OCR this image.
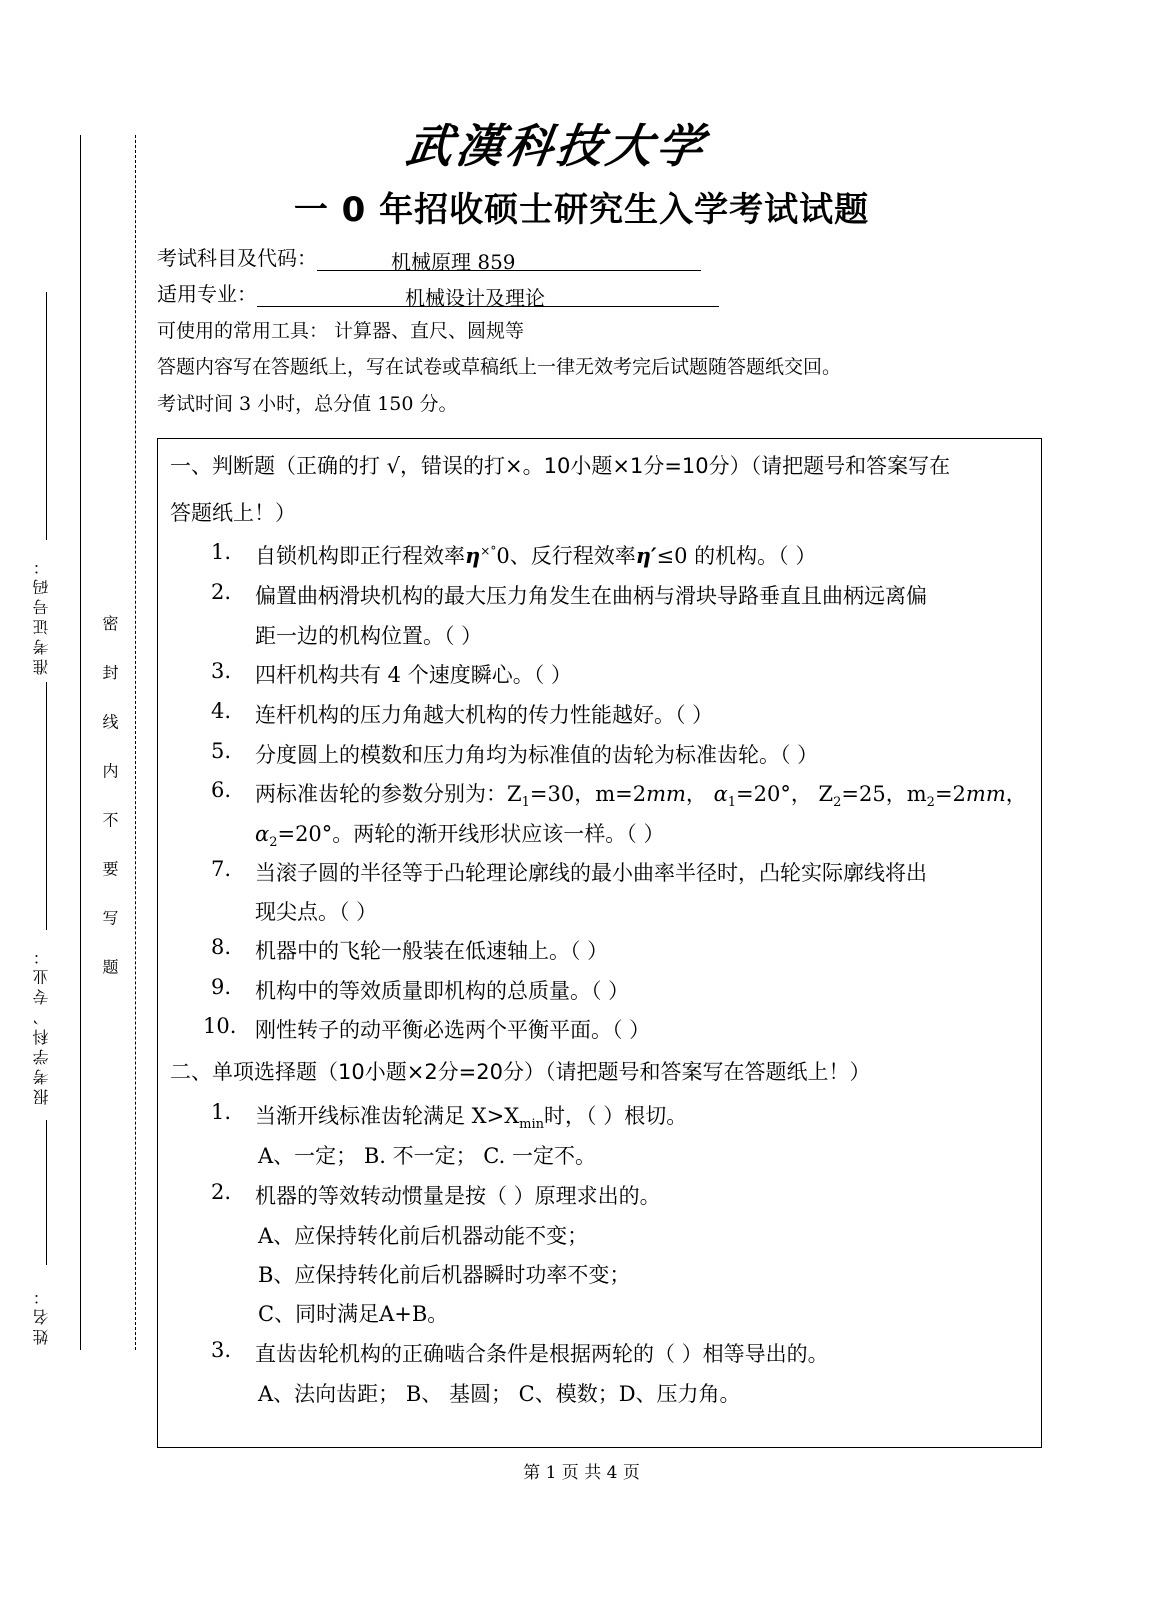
准考证号码：
报考学科、专业：
姓名：
密 封 线 内 不 要 写 题
武漢科技大学
一 0 年招收硕士研究生入学考试试题
考试科目及代码：	机械原理 859
适用专业：	机械设计及理论
可使用的常用工具： 计算器、直尺、圆规等
答题内容写在答题纸上，写在试卷或草稿纸上一律无效考完后试题随答题纸交回。
考试时间 3 小时，总分值 150 分。
一、判断题（正确的打 √，错误的打×。10小题×1分=10分）（请把题号和答案写在
答题纸上！）
1. 自锁机构即正行程效率η×°0、反行程效率η′≤0 的机构。（ ）
2. 偏置曲柄滑块机构的最大压力角发生在曲柄与滑块导路垂直且曲柄远离偏
距一边的机构位置。（ ）
3. 四杆机构共有 4 个速度瞬心。（ ）
4. 连杆机构的压力角越大机构的传力性能越好。（ ）
5. 分度圆上的模数和压力角均为标准值的齿轮为标准齿轮。（ ）
6. 两标准齿轮的参数分别为：$Z_1=30$，m=2mm， $\alpha_1=20^\circ$， $Z_2=25$，$m_2=2mm$，
$\alpha_2=20^\circ$。两轮的渐开线形状应该一样。（ ）
7. 当滚子圆的半径等于凸轮理论廓线的最小曲率半径时，凸轮实际廓线将出
现尖点。（ ）
8. 机器中的飞轮一般装在低速轴上。（ ）
9. 机构中的等效质量即机构的总质量。（ ）
10. 刚性转子的动平衡必选两个平衡平面。（ ）
二、单项选择题（10小题×2分=20分）（请把题号和答案写在答题纸上！）
1. 当渐开线标准齿轮满足 $X>X_{min}$时，（ ）根切。
A、一定； B. 不一定； C. 一定不。
2. 机器的等效转动惯量是按（ ）原理求出的。
A、应保持转化前后机器动能不变；
B、应保持转化前后机器瞬时功率不变；
C、同时满足A+B。
3. 直齿齿轮机构的正确啮合条件是根据两轮的（ ）相等导出的。
A、法向齿距； B、 基圆； C、模数；D、压力角。
第 1 页 共 4 页
